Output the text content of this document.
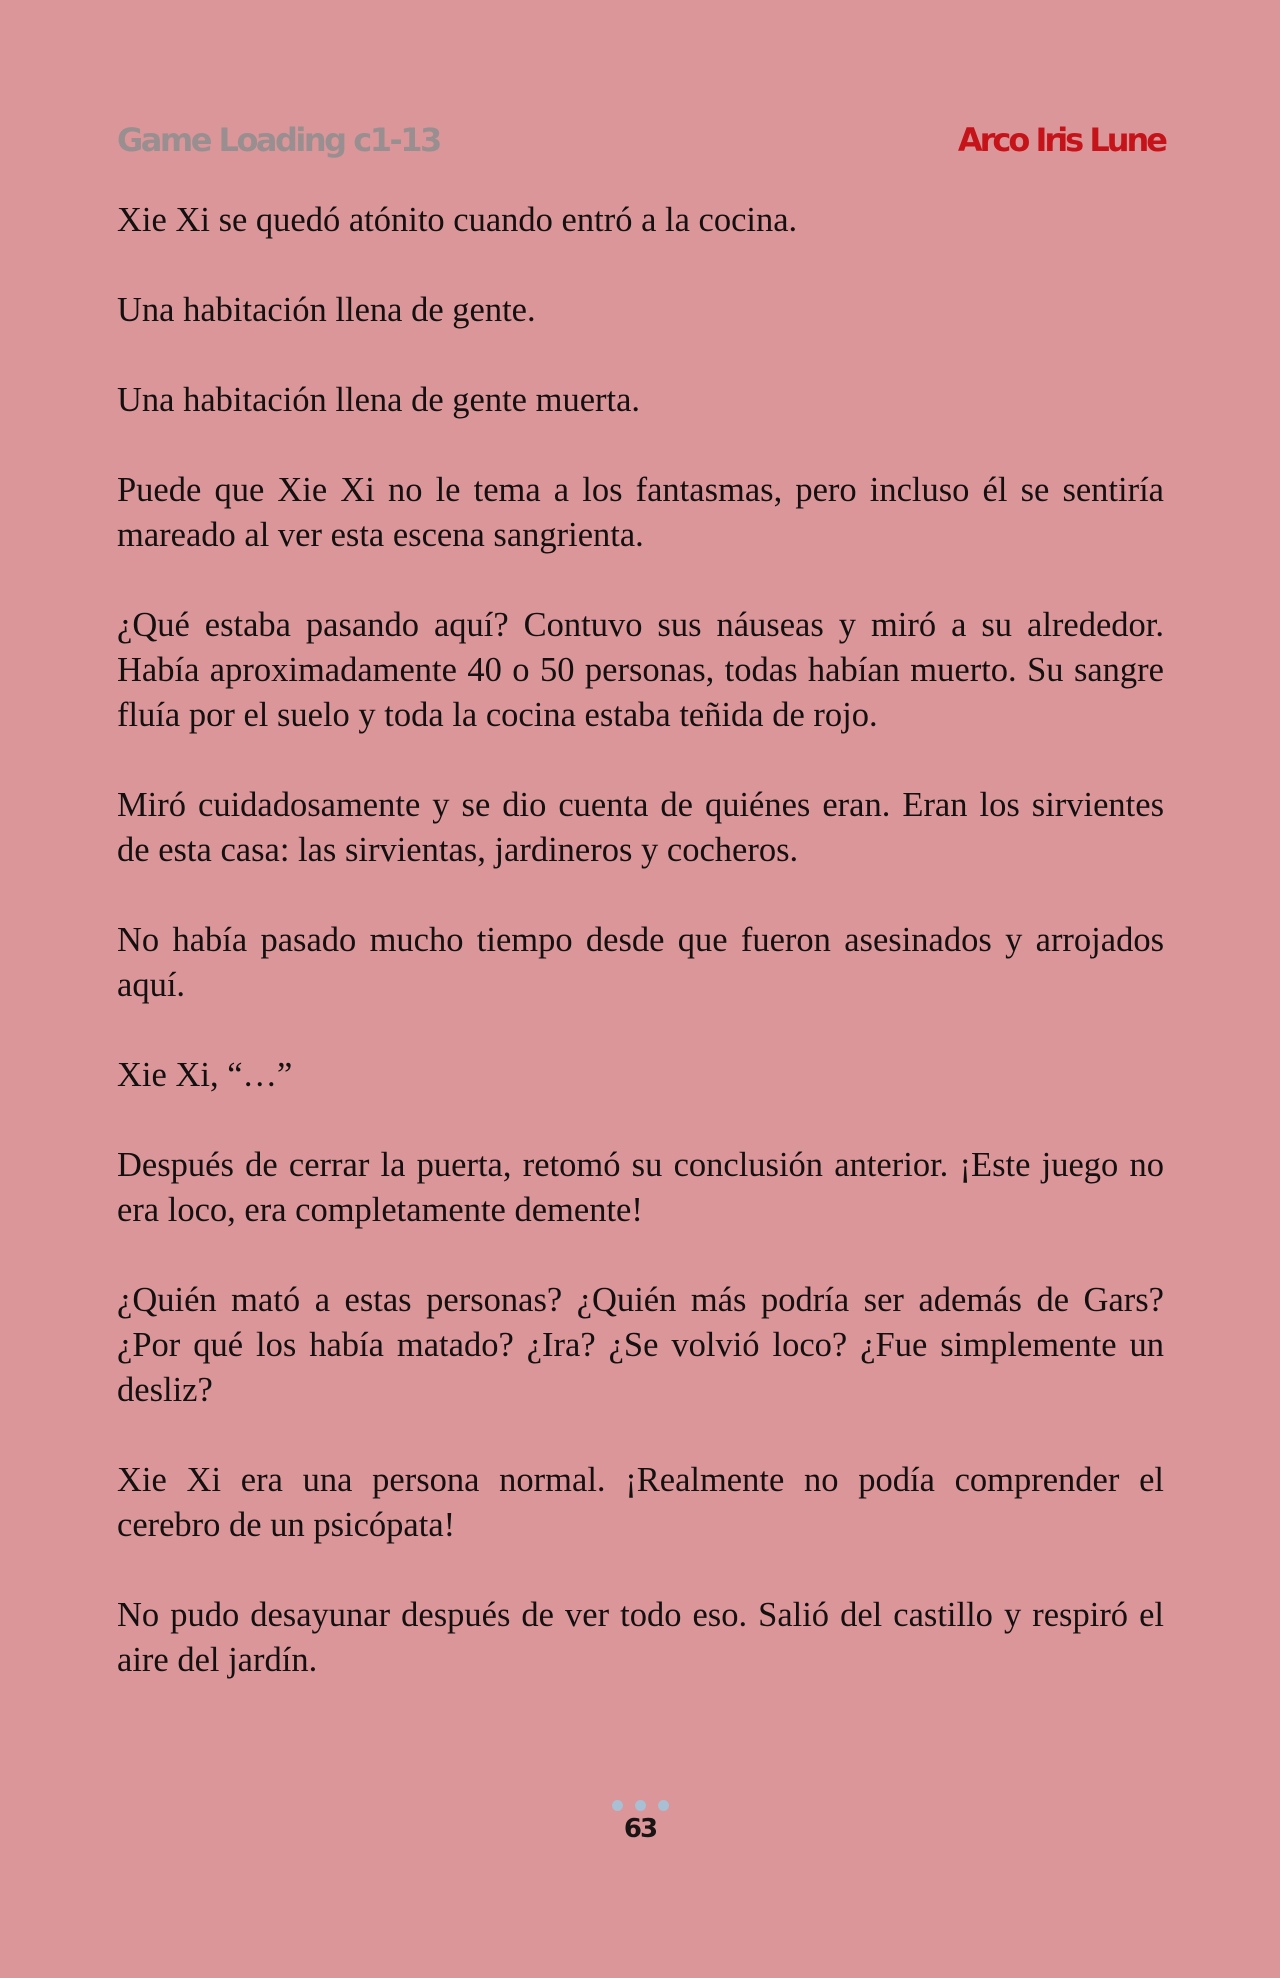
Game Loading c1-13	Arco Iris Lune

Xie Xi se quedó atónito cuando entró a la cocina.

Una habitación llena de gente.

Una habitación llena de gente muerta.

Puede que Xie Xi no le tema a los fantasmas, pero incluso él se sentiría mareado al ver esta escena sangrienta.

¿Qué estaba pasando aquí? Contuvo sus náuseas y miró a su alrededor. Había aproximadamente 40 o 50 personas, todas habían muerto. Su sangre fluía por el suelo y toda la cocina estaba teñida de rojo.

Miró cuidadosamente y se dio cuenta de quiénes eran. Eran los sirvientes de esta casa: las sirvientas, jardineros y cocheros.

No había pasado mucho tiempo desde que fueron asesinados y arrojados aquí.

Xie Xi, “…”

Después de cerrar la puerta, retomó su conclusión anterior. ¡Este juego no era loco, era completamente demente!

¿Quién mató a estas personas? ¿Quién más podría ser además de Gars? ¿Por qué los había matado? ¿Ira? ¿Se volvió loco? ¿Fue simplemente un desliz?

Xie Xi era una persona normal. ¡Realmente no podía comprender el cerebro de un psicópata!

No pudo desayunar después de ver todo eso. Salió del castillo y respiró el aire del jardín.

63
